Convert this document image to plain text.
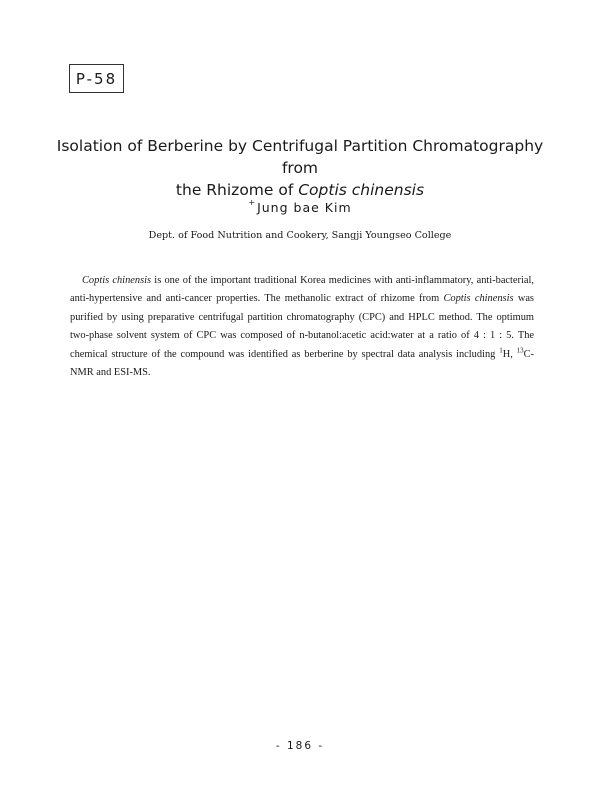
P-58
Isolation of Berberine by Centrifugal Partition Chromatography from
the Rhizome of Coptis chinensis
+Jung bae Kim
Dept. of Food Nutrition and Cookery, Sangji Youngseo College

Coptis chinensis is one of the important traditional Korea medicines with anti-inflammatory, anti-bacterial, anti-hypertensive and anti-cancer properties. The methanolic extract of rhizome from Coptis chinensis was purified by using preparative centrifugal partition chromatography (CPC) and HPLC method. The optimum two-phase solvent system of CPC was composed of n-butanol:acetic acid:water at a ratio of 4 : 1 : 5. The chemical structure of the compound was identified as berberine by spectral data analysis including $^1$H, $^{13}$C-NMR and ESI-MS.

- 186 -
